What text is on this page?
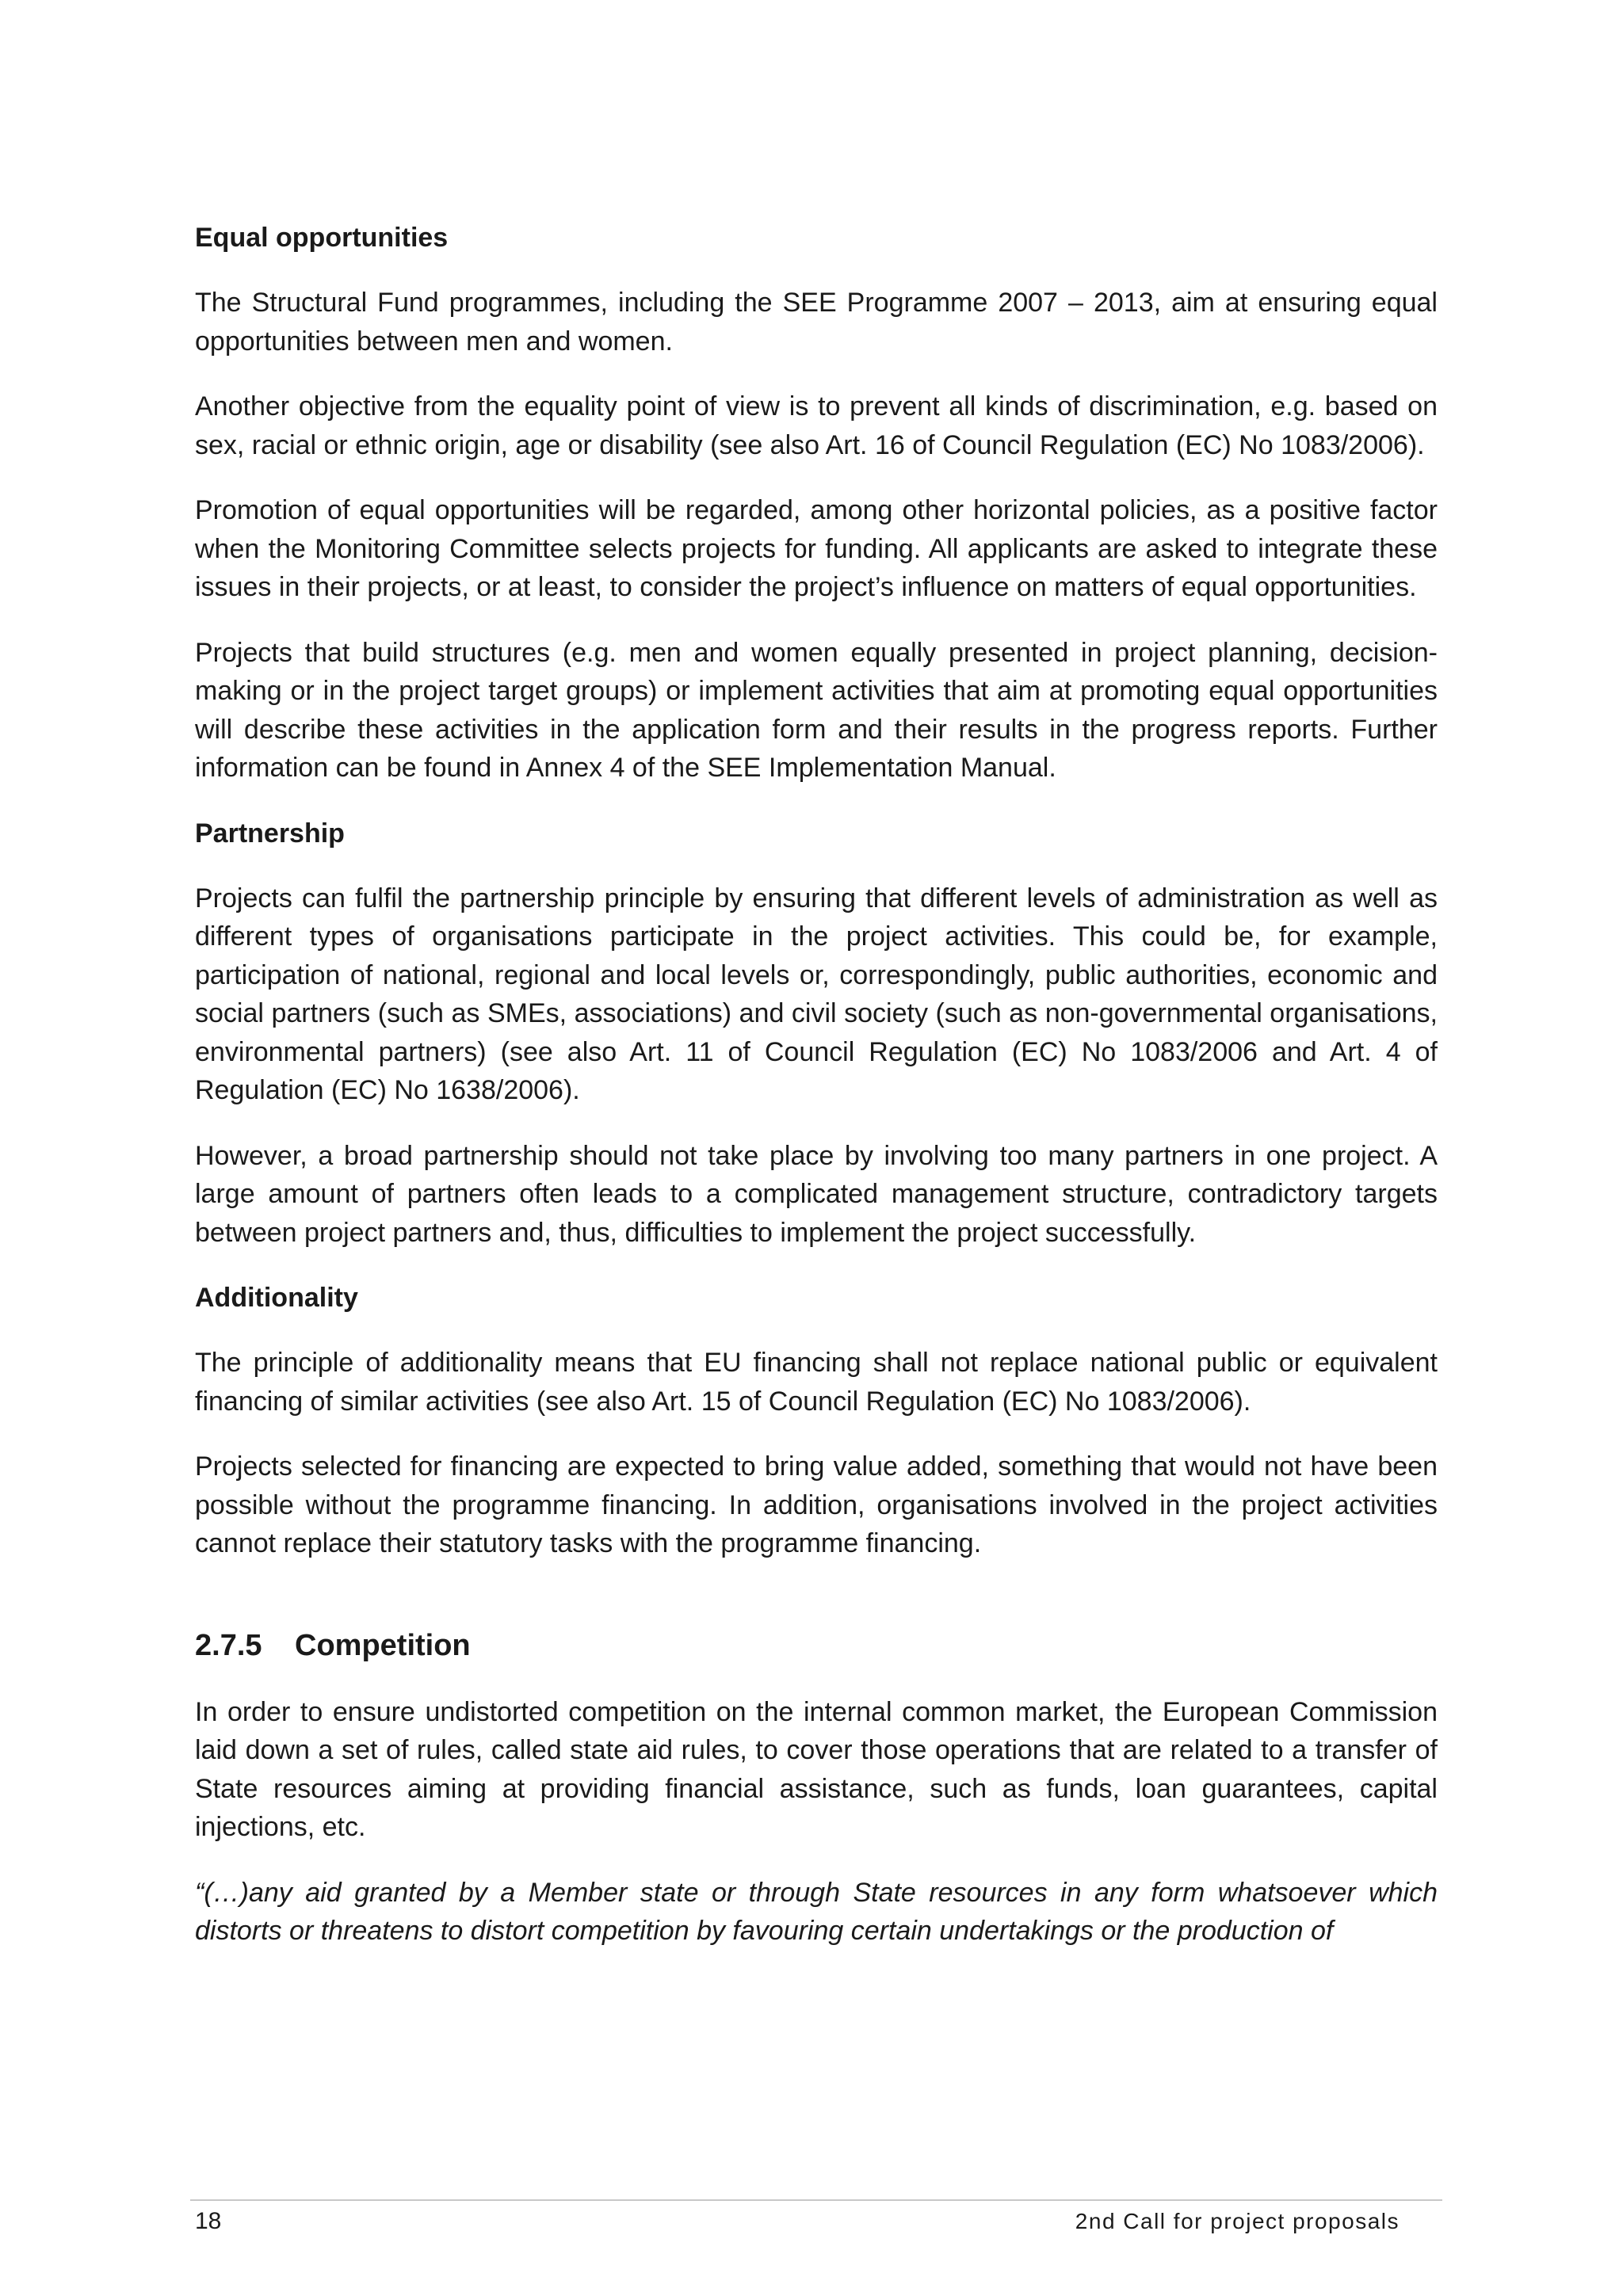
Equal opportunities

The Structural Fund programmes, including the SEE Programme 2007 – 2013, aim at ensuring equal opportunities between men and women.

Another objective from the equality point of view is to prevent all kinds of discrimination, e.g. based on sex, racial or ethnic origin, age or disability (see also Art. 16 of Council Regulation (EC) No 1083/2006).

Promotion of equal opportunities will be regarded, among other horizontal policies, as a positive factor when the Monitoring Committee selects projects for funding. All applicants are asked to integrate these issues in their projects, or at least, to consider the project’s influence on matters of equal opportunities.

Projects that build structures (e.g. men and women equally presented in project planning, decision-making or in the project target groups) or implement activities that aim at promoting equal opportunities will describe these activities in the application form and their results in the progress reports. Further information can be found in Annex 4 of the SEE Implementation Manual.

Partnership

Projects can fulfil the partnership principle by ensuring that different levels of administration as well as different types of organisations participate in the project activities. This could be, for example, participation of national, regional and local levels or, correspondingly, public authorities, economic and social partners (such as SMEs, associations) and civil society (such as non-governmental organisations, environmental partners) (see also Art. 11 of Council Regulation (EC) No 1083/2006 and Art. 4 of Regulation (EC) No 1638/2006).

However, a broad partnership should not take place by involving too many partners in one project. A large amount of partners often leads to a complicated management structure, contradictory targets between project partners and, thus, difficulties to implement the project successfully.

Additionality

The principle of additionality means that EU financing shall not replace national public or equivalent financing of similar activities (see also Art. 15 of Council Regulation (EC) No 1083/2006).

Projects selected for financing are expected to bring value added, something that would not have been possible without the programme financing. In addition, organisations involved in the project activities cannot replace their statutory tasks with the programme financing.

2.7.5	Competition

In order to ensure undistorted competition on the internal common market, the European Commission laid down a set of rules, called state aid rules, to cover those operations that are related to a transfer of State resources aiming at providing financial assistance, such as funds, loan guarantees, capital injections, etc.

“(…)any aid granted by a Member state or through State resources in any form whatsoever which distorts or threatens to distort competition by favouring certain undertakings or the production of

18	2nd Call for project proposals
